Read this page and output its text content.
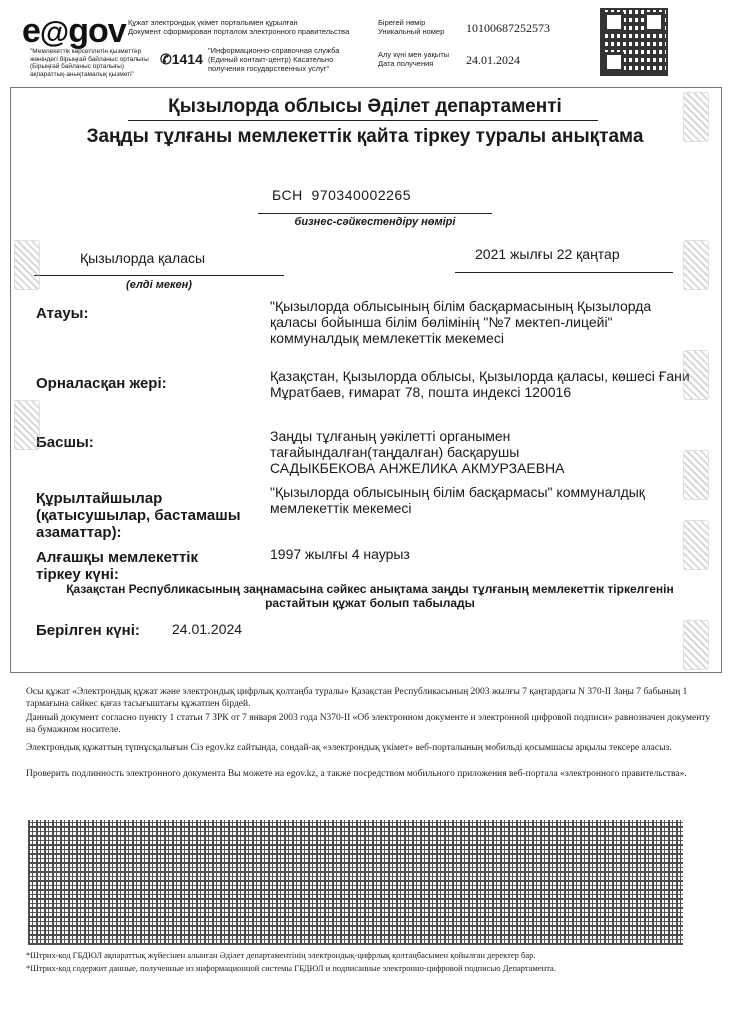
e@gov
"Мемлекеттік көрсетілетін қызметтер жөніндегі бірыңғай байланыс орталығы (Бірыңғай байланыс орталығы) ақпараттық-анықтамалық қызметі"
✆1414
Құжат электрондық үкімет порталымен құрылған
Документ сформирован порталом электронного правительства
"Информационно-справочная служба (Единый контакт-центр) Касательно получения государственных услуг"
Бірегей нөмір
Уникальный номер 10100687252573
Алу күні мен уақыты
Дата получения	24.01.2024
Қызылорда облысы Әділет департаменті
Заңды тұлғаны мемлекеттік қайта тіркеу туралы анықтама
БСН 970340002265
бизнес-сәйкестендіру нөмірі
Қызылорда қаласы
(елді мекен)
2021 жылғы 22 қаңтар
Атауы:	"Қызылорда облысының білім басқармасының Қызылорда қаласы бойынша білім бөлімінің "№7 мектеп-лицейі" коммуналдық мемлекеттік мекемесі
Орналасқан жері:	Қазақстан, Қызылорда облысы, Қызылорда қаласы, көшесі Ғани Мұратбаев, ғимарат 78, пошта индексі 120016
Басшы:	Заңды тұлғаның уәкілетті органымен тағайындалған(таңдалған) басқарушы
САДЫКБЕКОВА АНЖЕЛИКА АКМУРЗАЕВНА
Құрылтайшылар (қатысушылар, бастамашы азаматтар):
"Қызылорда облысының білім басқармасы" коммуналдық мемлекеттік мекемесі
Алғашқы мемлекеттік тіркеу күні:
1997 жылғы 4 наурыз
Қазақстан Республикасының заңнамасына сәйкес анықтама заңды тұлғаның мемлекеттік тіркелгенін растайтын құжат болып табылады
Берілген күні: 24.01.2024
Осы құжат «Электрондық құжат және электрондық цифрлық қолтаңба туралы» Қазақстан Республикасының 2003 жылғы 7 қаңтардағы N 370-II Заңы 7 бабының 1 тармағына сәйкес қағаз тасығыштағы құжатпен бірдей.
Данный документ согласно пункту 1 статьи 7 ЗРК от 7 января 2003 года N370-II «Об электронном документе и электронной цифровой подписи» равнозначен документу на бумажном носителе.
Электрондық құжаттың түпнұсқалығын Сіз egov.kz сайтында, сондай-ақ «электрондық үкімет» веб-порталының мобильді қосымшасы арқылы тексере аласыз.
Проверить подлинность электронного документа Вы можете на egov.kz, а также посредством мобильного приложения веб-портала «электронного правительства».
*Штрих-код ГБДЮЛ ақпараттық жүйесінен алынған Әділет департаментінің электрондық-цифрлық қолтаңбасымен қойылған деректер бар.
*Штрих-код содержит данные, полученные из информационной системы ГБДЮЛ и подписанные электронно-цифровой подписью Департамента.
